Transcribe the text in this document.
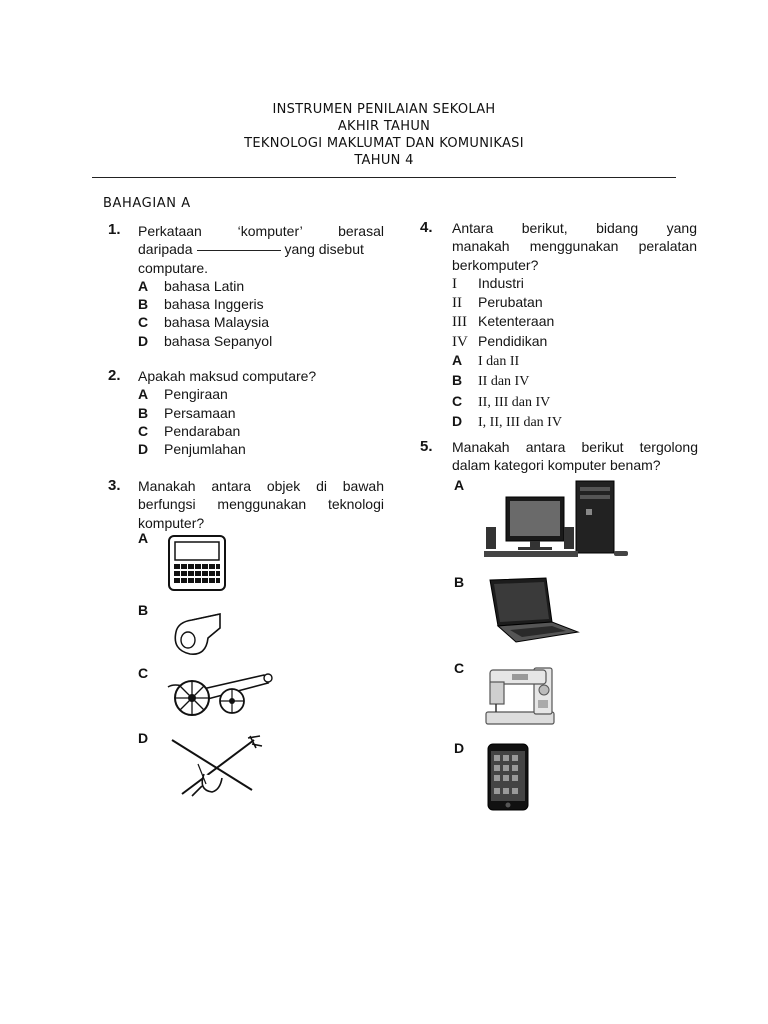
INSTRUMEN PENILAIAN SEKOLAH
AKHIR TAHUN
TEKNOLOGI MAKLUMAT DAN KOMUNIKASI
TAHUN 4
BAHAGIAN A
1. Perkataan ‘komputer’ berasal
daripada	yang disebut
computare.
A bahasa Latin
B bahasa Inggeris
C bahasa Malaysia
D bahasa Sepanyol
2. Apakah maksud computare?
A Pengiraan
B Persamaan
C Pendaraban
D Penjumlahan
3. Manakah antara objek di bawah
berfungsi menggunakan teknologi
komputer?
A
B
C
D
4. Antara berikut, bidang yang
manakah menggunakan peralatan
berkomputer?
I Industri
II Perubatan
III Ketenteraan
IV Pendidikan
A I dan II
B II dan IV
C II, III dan IV
D I, II, III dan IV
5. Manakah antara berikut tergolong
dalam kategori komputer benam?
A
B
C
D
